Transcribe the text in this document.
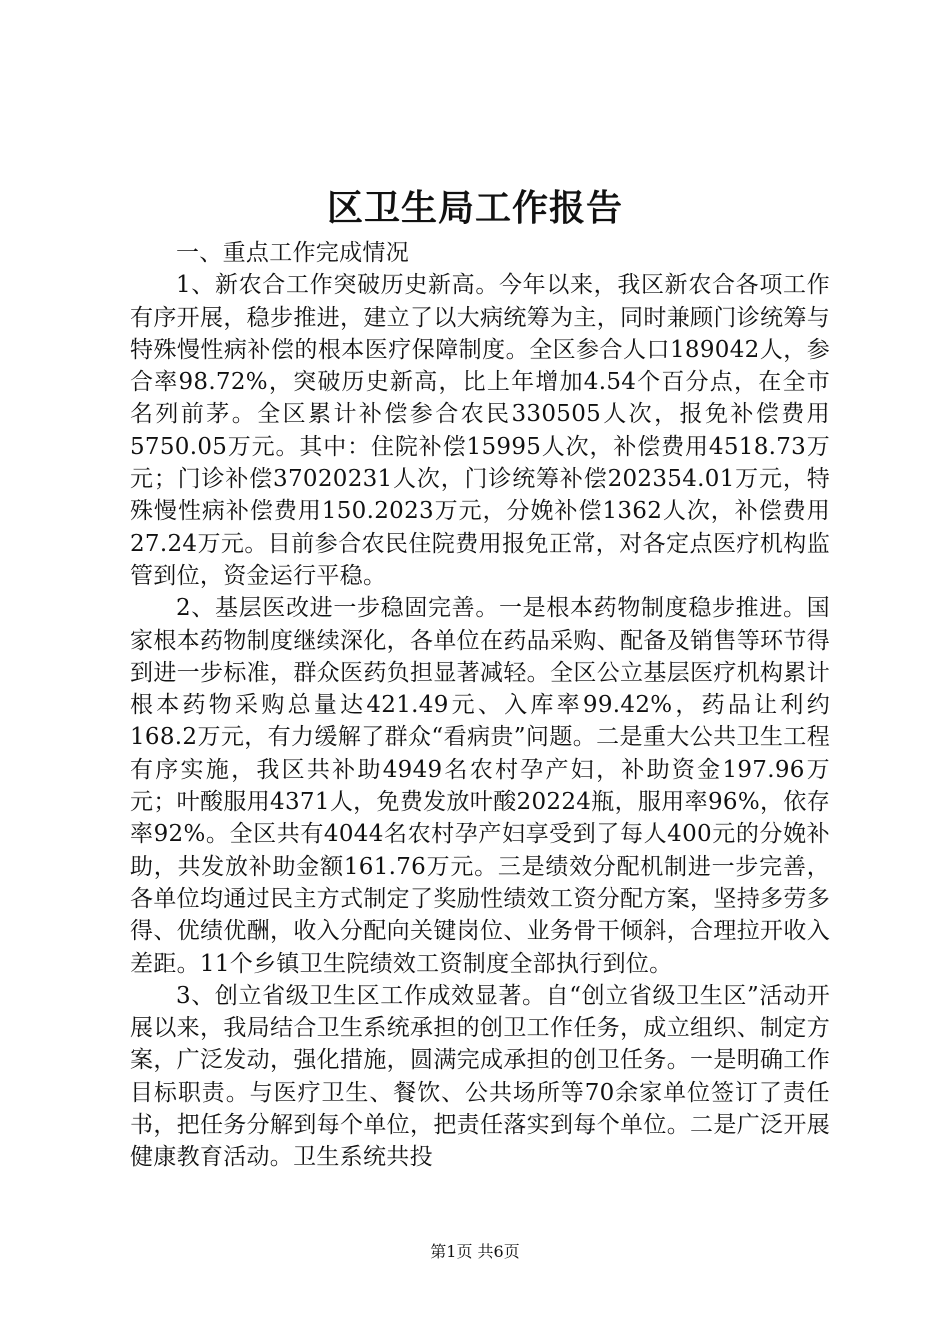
区卫生局工作报告

一、重点工作完成情况

1、新农合工作突破历史新高。今年以来，我区新农合各项工作有序开展，稳步推进，建立了以大病统筹为主，同时兼顾门诊统筹与特殊慢性病补偿的根本医疗保障制度。全区参合人口189042人，参合率98.72%，突破历史新高，比上年增加4.54个百分点，在全市名列前茅。全区累计补偿参合农民330505人次，报免补偿费用5750.05万元。其中：住院补偿15995人次，补偿费用4518.73万元；门诊补偿37020231人次，门诊统筹补偿202354.01万元，特殊慢性病补偿费用150.2023万元，分娩补偿1362人次，补偿费用27.24万元。目前参合农民住院费用报免正常，对各定点医疗机构监管到位，资金运行平稳。

2、基层医改进一步稳固完善。一是根本药物制度稳步推进。国家根本药物制度继续深化，各单位在药品采购、配备及销售等环节得到进一步标准，群众医药负担显著减轻。全区公立基层医疗机构累计根本药物采购总量达421.49元、入库率99.42%，药品让利约168.2万元，有力缓解了群众“看病贵”问题。二是重大公共卫生工程有序实施，我区共补助4949名农村孕产妇，补助资金197.96万元；叶酸服用4371人，免费发放叶酸20224瓶，服用率96%，依存率92%。全区共有4044名农村孕产妇享受到了每人400元的分娩补助，共发放补助金额161.76万元。三是绩效分配机制进一步完善，各单位均通过民主方式制定了奖励性绩效工资分配方案，坚持多劳多得、优绩优酬，收入分配向关键岗位、业务骨干倾斜，合理拉开收入差距。11个乡镇卫生院绩效工资制度全部执行到位。

3、创立省级卫生区工作成效显著。自“创立省级卫生区”活动开展以来，我局结合卫生系统承担的创卫工作任务，成立组织、制定方案，广泛发动，强化措施，圆满完成承担的创卫任务。一是明确工作目标职责。与医疗卫生、餐饮、公共场所等70余家单位签订了责任书，把任务分解到每个单位，把责任落实到每个单位。二是广泛开展健康教育活动。卫生系统共投

第1页 共6页
